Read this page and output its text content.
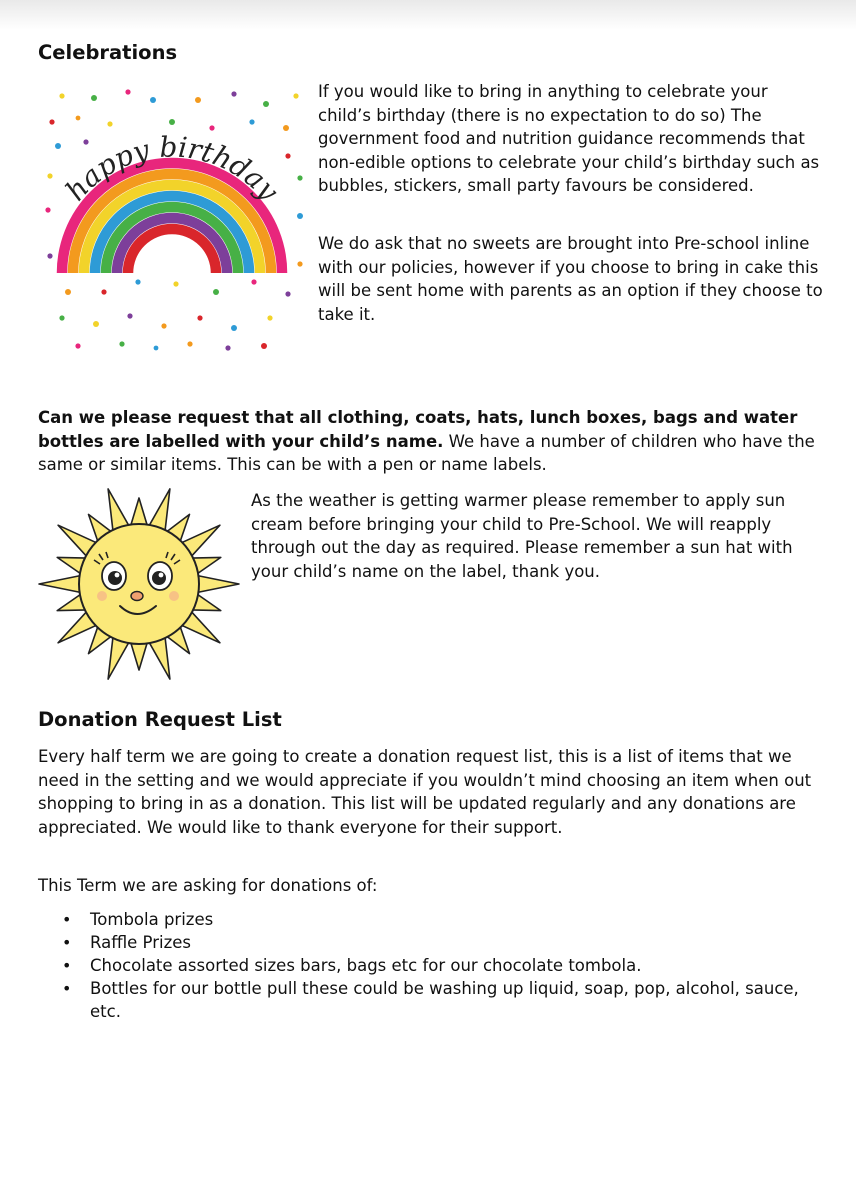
Celebrations
happy birthday

If you would like to bring in anything to celebrate your child’s birthday (there is no expectation to do so) The government food and nutrition guidance recommends that non-edible options to celebrate your child’s birthday such as bubbles, stickers, small party favours be considered.

We do ask that no sweets are brought into Pre-school inline with our policies, however if you choose to bring in cake this will be sent home with parents as an option if they choose to take it.

Can we please request that all clothing, coats, hats, lunch boxes, bags and water bottles are labelled with your child’s name. We have a number of children who have the same or similar items. This can be with a pen or name labels.

As the weather is getting warmer please remember to apply sun cream before bringing your child to Pre-School. We will reapply through out the day as required. Please remember a sun hat with your child’s name on the label, thank you.

Donation Request List

Every half term we are going to create a donation request list, this is a list of items that we need in the setting and we would appreciate if you wouldn’t mind choosing an item when out shopping to bring in as a donation. This list will be updated regularly and any donations are appreciated. We would like to thank everyone for their support.

This Term we are asking for donations of:

• Tombola prizes
• Raffle Prizes
• Chocolate assorted sizes bars, bags etc for our chocolate tombola.
• Bottles for our bottle pull these could be washing up liquid, soap, pop, alcohol, sauce, etc.
